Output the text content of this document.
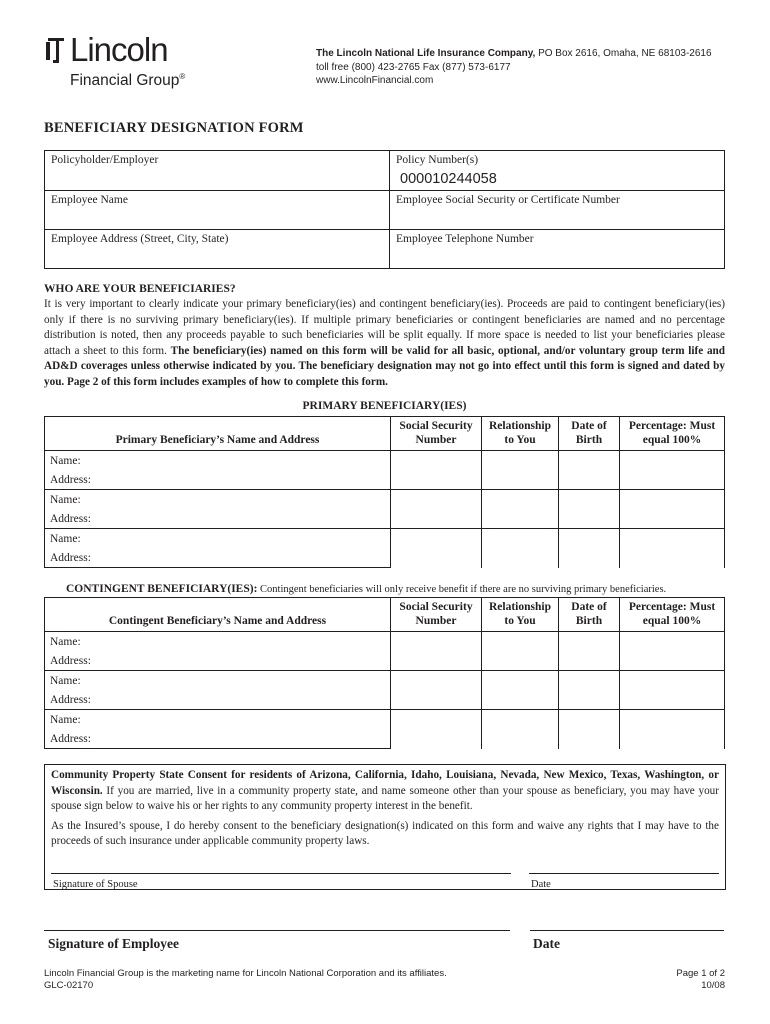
Lincoln
Financial Group®
The Lincoln National Life Insurance Company, PO Box 2616, Omaha, NE 68103-2616
toll free (800) 423-2765 Fax (877) 573-6177
www.LincolnFinancial.com
BENEFICIARY DESIGNATION FORM
Policyholder/Employer	Policy Number(s)
000010244058

Employee Name	Employee Social Security or Certificate Number
Employee Address (Street, City, State)	Employee Telephone Number
WHO ARE YOUR BENEFICIARIES?
It is very important to clearly indicate your primary beneficiary(ies) and contingent beneficiary(ies). Proceeds are paid to contingent beneficiary(ies) only if there is no surviving primary beneficiary(ies). If multiple primary beneficiaries or contingent beneficiaries are named and no percentage distribution is noted, then any proceeds payable to such beneficiaries will be split equally. If more space is needed to list your beneficiaries please attach a sheet to this form. The beneficiary(ies) named on this form will be valid for all basic, optional, and/or voluntary group term life and AD&D coverages unless otherwise indicated by you. The beneficiary designation may not go into effect until this form is signed and dated by you. Page 2 of this form includes examples of how to complete this form.
PRIMARY BENEFICIARY(IES)
Primary Beneficiary’s Name and Address	Social Security Number	Relationship to You	Date of Birth	Percentage: Must equal 100%
Name:				
Address:				
Name:				
Address:				
Name:				
Address:				
CONTINGENT BENEFICIARY(IES): Contingent beneficiaries will only receive benefit if there are no surviving primary beneficiaries.
Contingent Beneficiary’s Name and Address	Social Security Number	Relationship to You	Date of Birth	Percentage: Must equal 100%
Name:				
Address:				
Name:				
Address:				
Name:				
Address:				

Community Property State Consent for residents of Arizona, California, Idaho, Louisiana, Nevada, New Mexico, Texas, Washington, or Wisconsin. If you are married, live in a community property state, and name someone other than your spouse as beneficiary, you may have your spouse sign below to waive his or her rights to any community property interest in the benefit.

As the Insured’s spouse, I do hereby consent to the beneficiary designation(s) indicated on this form and waive any rights that I may have to the proceeds of such insurance under applicable community property laws.

Signature of Spouse	Date
Signature of Employee	Date
Lincoln Financial Group is the marketing name for Lincoln National Corporation and its affiliates.
GLC-02170
Page 1 of 2
10/08
